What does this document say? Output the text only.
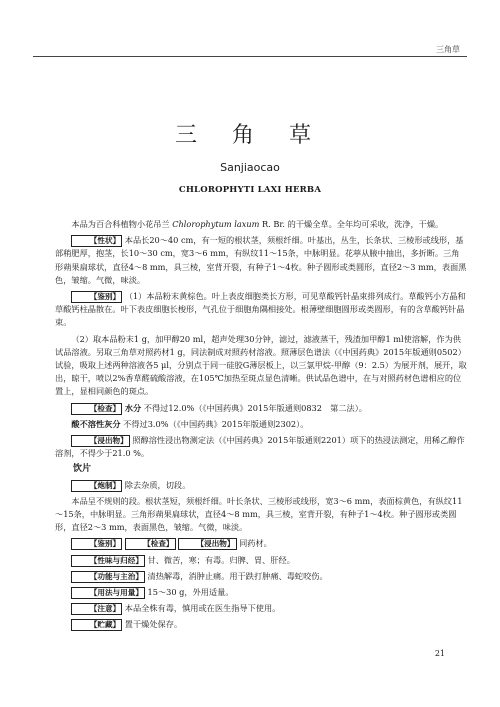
三角草
三 角 草
Sanjiaocao
CHLOROPHYTI LAXI HERBA

本品为百合科植物小花吊兰 Chlorophytum laxum R. Br. 的干燥全草。全年均可采收，洗净，干燥。

【性状】 本品长20～40 cm，有一短的根状茎，须根纤细。叶基出，丛生，长条状、三棱形或线形，基部稍肥厚，抱茎，长10～30 cm，宽3～6 mm，有纵纹11～15条，中脉明显。花葶从腋中抽出，多折断。三角形蒴果扁球状，直径4～8 mm，具三棱，室背开裂，有种子1～4枚。种子圆形或类圆形，直径2～3 mm，表面黑色，皱缩。气微，味淡。

【鉴别】 （1）本品粉末黄棕色。叶上表皮细胞类长方形，可见草酸钙针晶束排列成行。草酸钙小方晶和草酸钙柱晶散在。叶下表皮细胞长梭形，气孔位于细胞角隅相接处。根薄壁细胞圆形或类圆形，有的含草酸钙针晶束。

（2）取本品粉末1 g，加甲醇20 ml，超声处理30分钟，滤过，滤液蒸干，残渣加甲醇1 ml使溶解，作为供试品溶液。另取三角草对照药材1 g，同法制成对照药材溶液。照薄层色谱法（《中国药典》2015年版通则0502）试验，吸取上述两种溶液各5 μl，分别点于同一硅胶G薄层板上，以三氯甲烷-甲醇（9：2.5）为展开剂，展开，取出，晾干，喷以2%香草醛硫酸溶液，在105℃加热至斑点显色清晰。供试品色谱中，在与对照药材色谱相应的位置上，显相同颜色的斑点。

【检查】 水分 不得过12.0%（《中国药典》2015年版通则0832　第二法）。

酸不溶性灰分 不得过3.0%（《中国药典》2015年版通则2302）。

【浸出物】 照醇溶性浸出物测定法（《中国药典》2015年版通则2201）项下的热浸法测定，用稀乙醇作溶剂，不得少于21.0 %。

饮片

【炮制】 除去杂质，切段。

本品呈不规则的段。根状茎短，须根纤细。叶长条状、三棱形或线形，宽3～6 mm，表面棕黄色，有纵纹11～15条，中脉明显。三角形蒴果扁球状，直径4～8 mm，具三棱，室背开裂，有种子1～4枚。种子圆形或类圆形，直径2～3 mm，表面黑色，皱缩。气微，味淡。

【鉴别】	【检查】	【浸出物】 同药材。

【性味与归经】 甘、微苦，寒；有毒。归脾、胃、肝经。

【功能与主治】 清热解毒，消肿止痛。用于跌打肿痛、毒蛇咬伤。

【用法与用量】 15～30 g，外用适量。

【注意】 本品全株有毒，慎用或在医生指导下使用。

【贮藏】 置干燥处保存。

21
